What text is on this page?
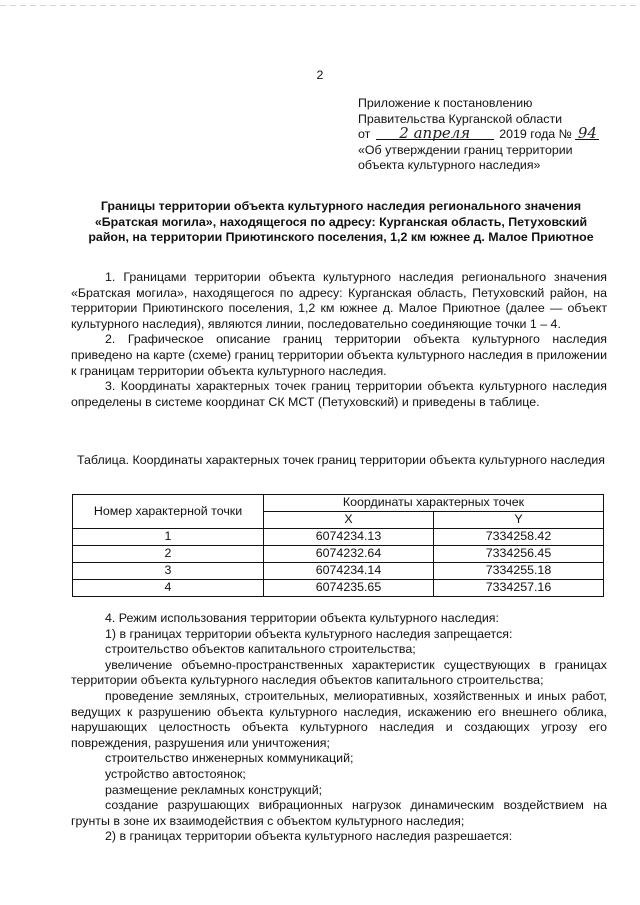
2
Приложение к постановлению
Правительства Курганской области
от 2 апреля 2019 года № 94
«Об утверждении границ территории
объекта культурного наследия»
Границы территории объекта культурного наследия регионального значения «Братская могила», находящегося по адресу: Курганская область, Петуховский район, на территории Приютинского поселения, 1,2 км южнее д. Малое Приютное

1. Границами территории объекта культурного наследия регионального значения «Братская могила», находящегося по адресу: Курганская область, Петуховский район, на территории Приютинского поселения, 1,2 км южнее д. Малое Приютное (далее — объект культурного наследия), являются линии, последовательно соединяющие точки 1 – 4.

2. Графическое описание границ территории объекта культурного наследия приведено на карте (схеме) границ территории объекта культурного наследия в приложении к границам территории объекта культурного наследия.

3. Координаты характерных точек границ территории объекта культурного наследия определены в системе координат СК МСТ (Петуховский) и приведены в таблице.

Таблица. Координаты характерных точек границ территории объекта культурного наследия
Номер характерной точки	Координаты характерных точек	
	X	Y
1	6074234.13	7334258.42
2	6074232.64	7334256.45
3	6074234.14	7334255.18
4	6074235.65	7334257.16

4. Режим использования территории объекта культурного наследия:

1) в границах территории объекта культурного наследия запрещается:

строительство объектов капитального строительства;

увеличение объемно-пространственных характеристик существующих в границах территории объекта культурного наследия объектов капитального строительства;

проведение земляных, строительных, мелиоративных, хозяйственных и иных работ, ведущих к разрушению объекта культурного наследия, искажению его внешнего облика, нарушающих целостность объекта культурного наследия и создающих угрозу его повреждения, разрушения или уничтожения;

строительство инженерных коммуникаций;

устройство автостоянок;

размещение рекламных конструкций;

создание разрушающих вибрационных нагрузок динамическим воздействием на грунты в зоне их взаимодействия с объектом культурного наследия;

2) в границах территории объекта культурного наследия разрешается:
